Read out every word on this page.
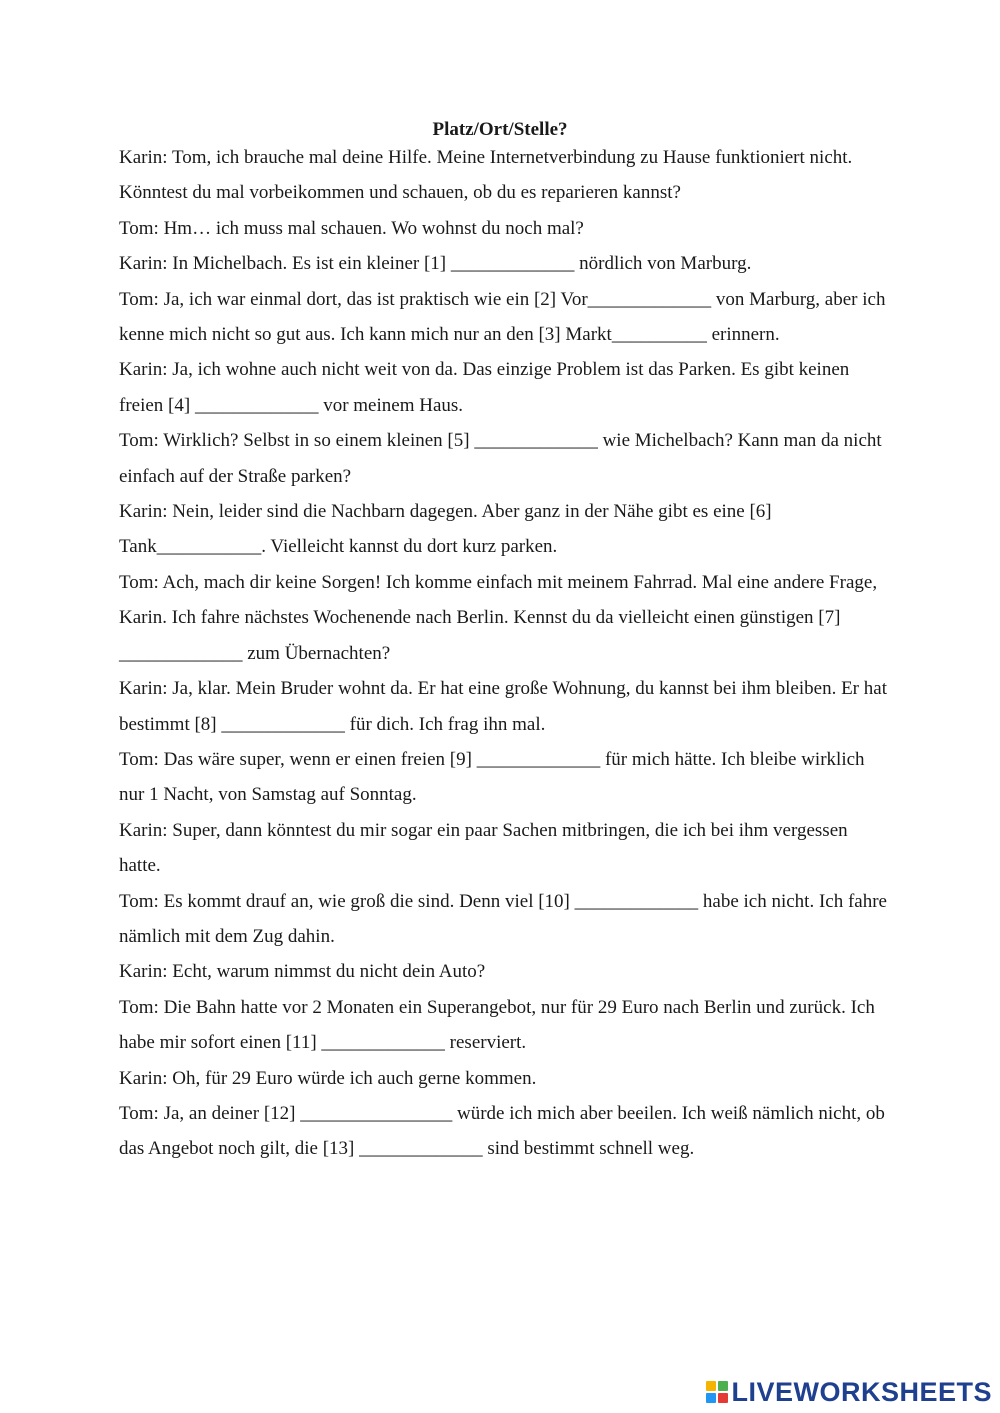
Platz/Ort/Stelle?

Karin: Tom, ich brauche mal deine Hilfe. Meine Internetverbindung zu Hause funktioniert nicht. Könntest du mal vorbeikommen und schauen, ob du es reparieren kannst?

Tom: Hm… ich muss mal schauen. Wo wohnst du noch mal?

Karin: In Michelbach. Es ist ein kleiner [1] _____________ nördlich von Marburg.

Tom: Ja, ich war einmal dort, das ist praktisch wie ein [2] Vor_____________ von Marburg, aber ich kenne mich nicht so gut aus. Ich kann mich nur an den [3] Markt__________ erinnern.

Karin: Ja, ich wohne auch nicht weit von da. Das einzige Problem ist das Parken. Es gibt keinen freien [4] _____________ vor meinem Haus.

Tom: Wirklich? Selbst in so einem kleinen [5] _____________ wie Michelbach? Kann man da nicht einfach auf der Straße parken?

Karin: Nein, leider sind die Nachbarn dagegen. Aber ganz in der Nähe gibt es eine [6] Tank___________. Vielleicht kannst du dort kurz parken.

Tom: Ach, mach dir keine Sorgen! Ich komme einfach mit meinem Fahrrad. Mal eine andere Frage, Karin. Ich fahre nächstes Wochenende nach Berlin. Kennst du da vielleicht einen günstigen [7] _____________ zum Übernachten?

Karin: Ja, klar. Mein Bruder wohnt da. Er hat eine große Wohnung, du kannst bei ihm bleiben. Er hat bestimmt [8] _____________ für dich. Ich frag ihn mal.

Tom: Das wäre super, wenn er einen freien [9] _____________ für mich hätte. Ich bleibe wirklich nur 1 Nacht, von Samstag auf Sonntag.

Karin: Super, dann könntest du mir sogar ein paar Sachen mitbringen, die ich bei ihm vergessen hatte.

Tom: Es kommt drauf an, wie groß die sind. Denn viel [10] _____________ habe ich nicht. Ich fahre nämlich mit dem Zug dahin.

Karin: Echt, warum nimmst du nicht dein Auto?

Tom: Die Bahn hatte vor 2 Monaten ein Superangebot, nur für 29 Euro nach Berlin und zurück. Ich habe mir sofort einen [11] _____________ reserviert.

Karin: Oh, für 29 Euro würde ich auch gerne kommen.

Tom: Ja, an deiner [12] ________________ würde ich mich aber beeilen. Ich weiß nämlich nicht, ob das Angebot noch gilt, die [13] _____________ sind bestimmt schnell weg.

LIVEWORKSHEETS
